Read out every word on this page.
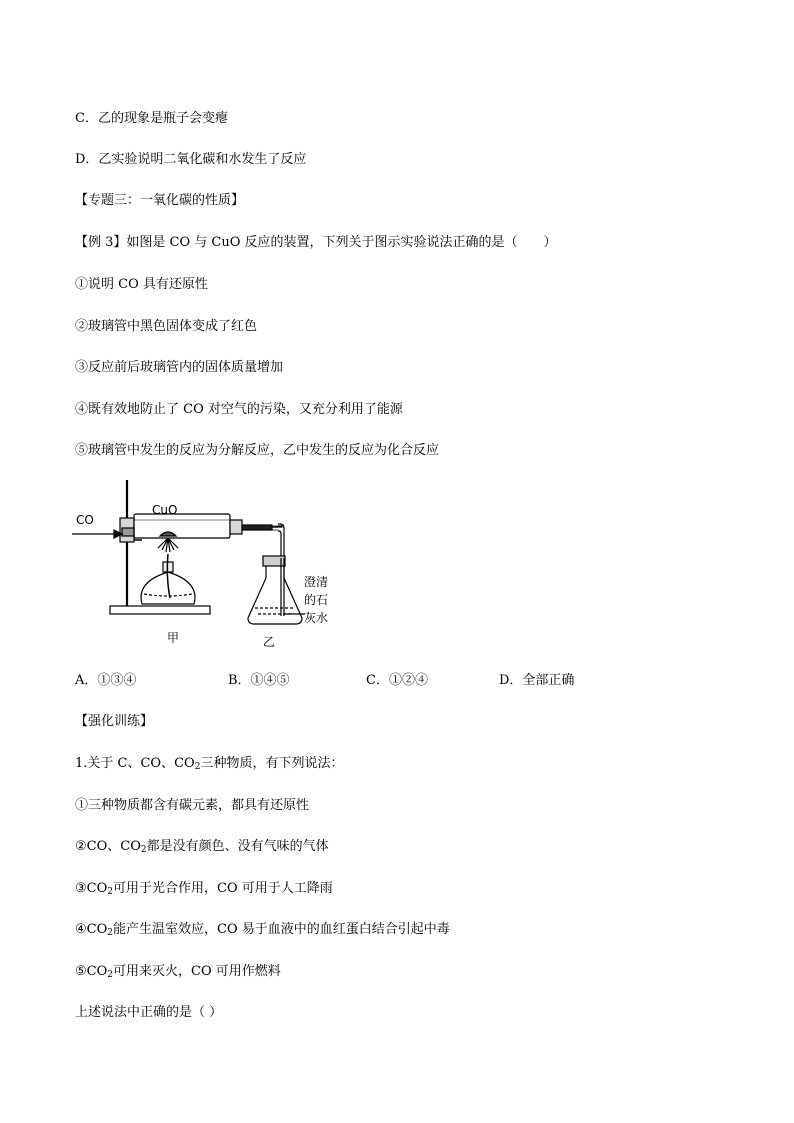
C．乙的现象是瓶子会变瘪
D．乙实验说明二氧化碳和水发生了反应
【专题三：一氧化碳的性质】
【例 3】如图是 CO 与 CuO 反应的装置，下列关于图示实验说法正确的是（　　）
①说明 CO 具有还原性
②玻璃管中黑色固体变成了红色
③反应前后玻璃管内的固体质量增加
④既有效地防止了 CO 对空气的污染，又充分利用了能源
⑤玻璃管中发生的反应为分解反应，乙中发生的反应为化合反应
CO
CuO
澄清
的石
灰水
甲	乙
A．①③④	B．①④⑤	C．①②④	D．全部正确
【强化训练】
1.关于 C、CO、$CO_2$三种物质，有下列说法：
①三种物质都含有碳元素，都具有还原性
②CO、$CO_2$都是没有颜色、没有气味的气体
$③CO_2$可用于光合作用，CO 可用于人工降雨
$④CO_2$能产生温室效应，CO 易于血液中的血红蛋白结合引起中毒
$⑤CO_2$可用来灭火，CO 可用作燃料
上述说法中正确的是（ ）
